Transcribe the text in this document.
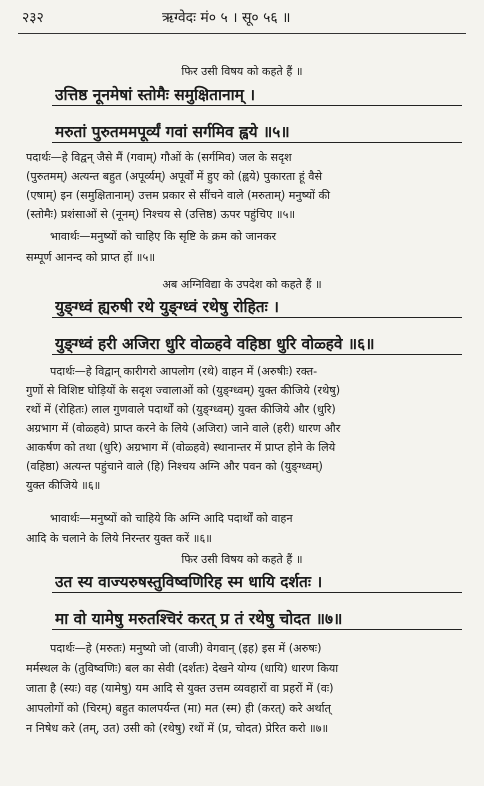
२३२	ऋग्वेदः मं० ५ । सू० ५६ ॥
फिर उसी विषय को कहते हैं ॥
उत्तिष्ठ नूनमेषां स्तोमैः समुक्षितानाम् ।
मरुतां पुरुतममपूर्व्यं गवां सर्गमिव ह्वये ॥५॥
पदार्थः—हे विद्वन् जैसे मैं (गवाम्) गौओं के (सर्गमिव) जल के सदृश
(पुरुतमम्) अत्यन्त बहुत (अपूर्व्यम्) अपूर्वों में हुए को (ह्वये) पुकारता हूं वैसे
(एषाम्) इन (समुक्षितानाम्) उत्तम प्रकार से सींचने वाले (मरुताम्) मनुष्यों की
(स्तोमैः) प्रशंसाओं से (नूनम्) निश्चय से (उत्तिष्ठ) ऊपर पहुंचिए ॥५॥
भावार्थः—मनुष्यों को चाहिए कि सृष्टि के क्रम को जानकर
सम्पूर्ण आनन्द को प्राप्त हों ॥५॥
अब अग्निविद्या के उपदेश को कहते हैं ॥
युङ्ग्ध्वं ह्यरुषी रथे युङ्ग्ध्वं रथेषु रोहितः ।
युङ्ग्ध्वं हरी अजिरा धुरि वोळ्हवे वहिष्ठा धुरि वोळ्हवे ॥६॥
पदार्थः—हे विद्वान् कारीगरो आपलोग (रथे) वाहन में (अरुषीः) रक्त-
गुणों से विशिष्ट घोड़ियों के सदृश ज्वालाओं को (युङ्ग्ध्वम्) युक्त कीजिये (रथेषु)
रथों में (रोहितः) लाल गुणवाले पदार्थों को (युङ्ग्ध्वम्) युक्त कीजिये और (धुरि)
अग्रभाग में (वोळ्हवे) प्राप्त करने के लिये (अजिरा) जाने वाले (हरी) धारण और
आकर्षण को तथा (धुरि) अग्रभाग में (वोळ्हवे) स्थानान्तर में प्राप्त होने के लिये
(वहिष्ठा) अत्यन्त पहुंचाने वाले (हि) निश्चय अग्नि और पवन को (युङ्ग्ध्वम्)
युक्त कीजिये ॥६॥
भावार्थः—मनुष्यों को चाहिये कि अग्नि आदि पदार्थों को वाहन
आदि के चलाने के लिये निरन्तर युक्त करें ॥६॥
फिर उसी विषय को कहते हैं ॥
उत स्य वाज्यरुषस्तुविष्वणिरिह स्म धायि दर्शतः ।
मा वो यामेषु मरुतश्चिरं करत् प्र तं रथेषु चोदत ॥७॥
पदार्थः—हे (मरुतः) मनुष्यो जो (वाजी) वेगवान् (इह) इस में (अरुषः)
मर्मस्थल के (तुविष्वणिः) बल का सेवी (दर्शतः) देखने योग्य (धायि) धारण किया
जाता है (स्यः) वह (यामेषु) यम आदि से युक्त उत्तम व्यवहारों वा प्रहरों में (वः)
आपलोगों को (चिरम्) बहुत कालपर्यन्त (मा) मत (स्म) ही (करत्) करे अर्थात्
न निषेध करे (तम्, उत) उसी को (रथेषु) रथों में (प्र, चोदत) प्रेरित करो ॥७॥
